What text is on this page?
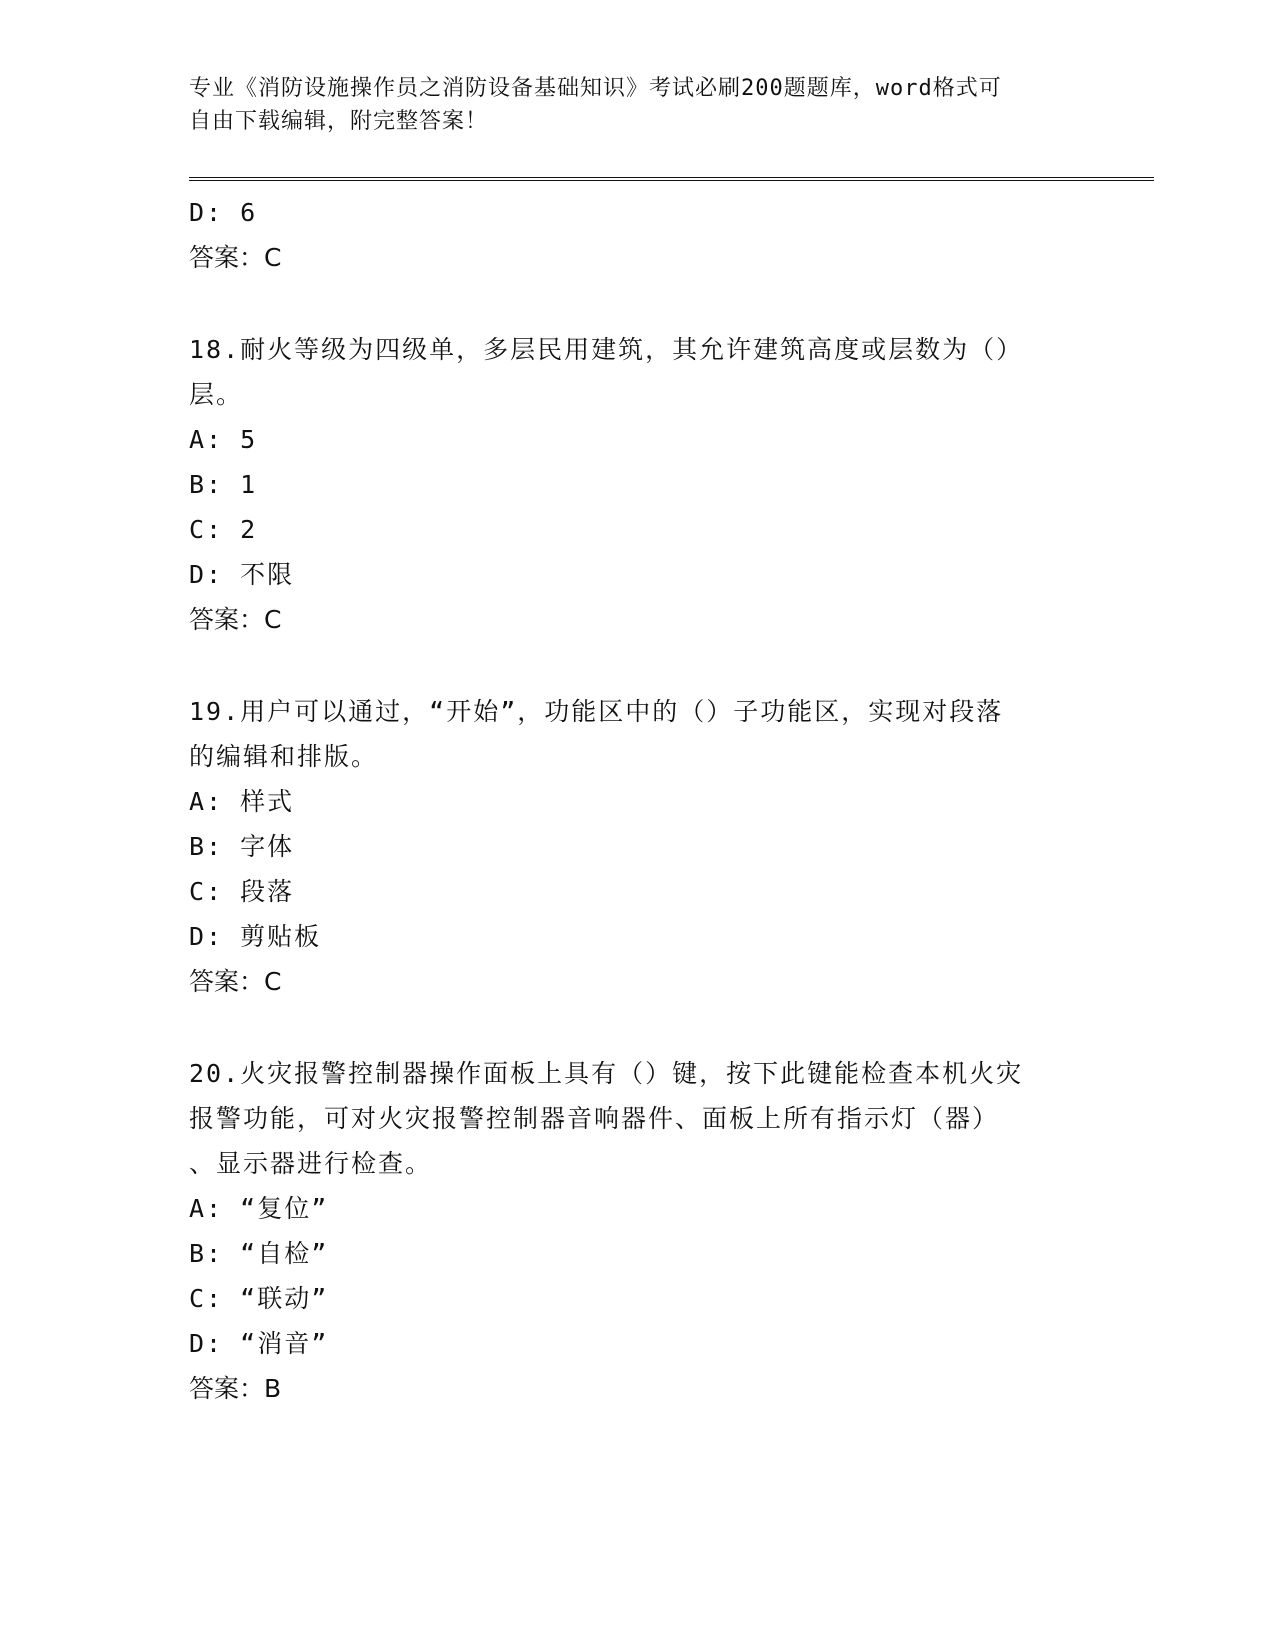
专业《消防设施操作员之消防设备基础知识》考试必刷200题题库，word格式可
自由下载编辑，附完整答案！
D: 6
答案：C
18.耐火等级为四级单，多层民用建筑，其允许建筑高度或层数为（）
层。
A: 5
B: 1
C: 2
D: 不限
答案：C
19.用户可以通过，“开始”，功能区中的（）子功能区，实现对段落
的编辑和排版。
A: 样式
B: 字体
C: 段落
D: 剪贴板
答案：C
20.火灾报警控制器操作面板上具有（）键，按下此键能检查本机火灾
报警功能，可对火灾报警控制器音响器件、面板上所有指示灯（器）
、显示器进行检查。
A: “复位”
B: “自检”
C: “联动”
D: “消音”
答案：B
